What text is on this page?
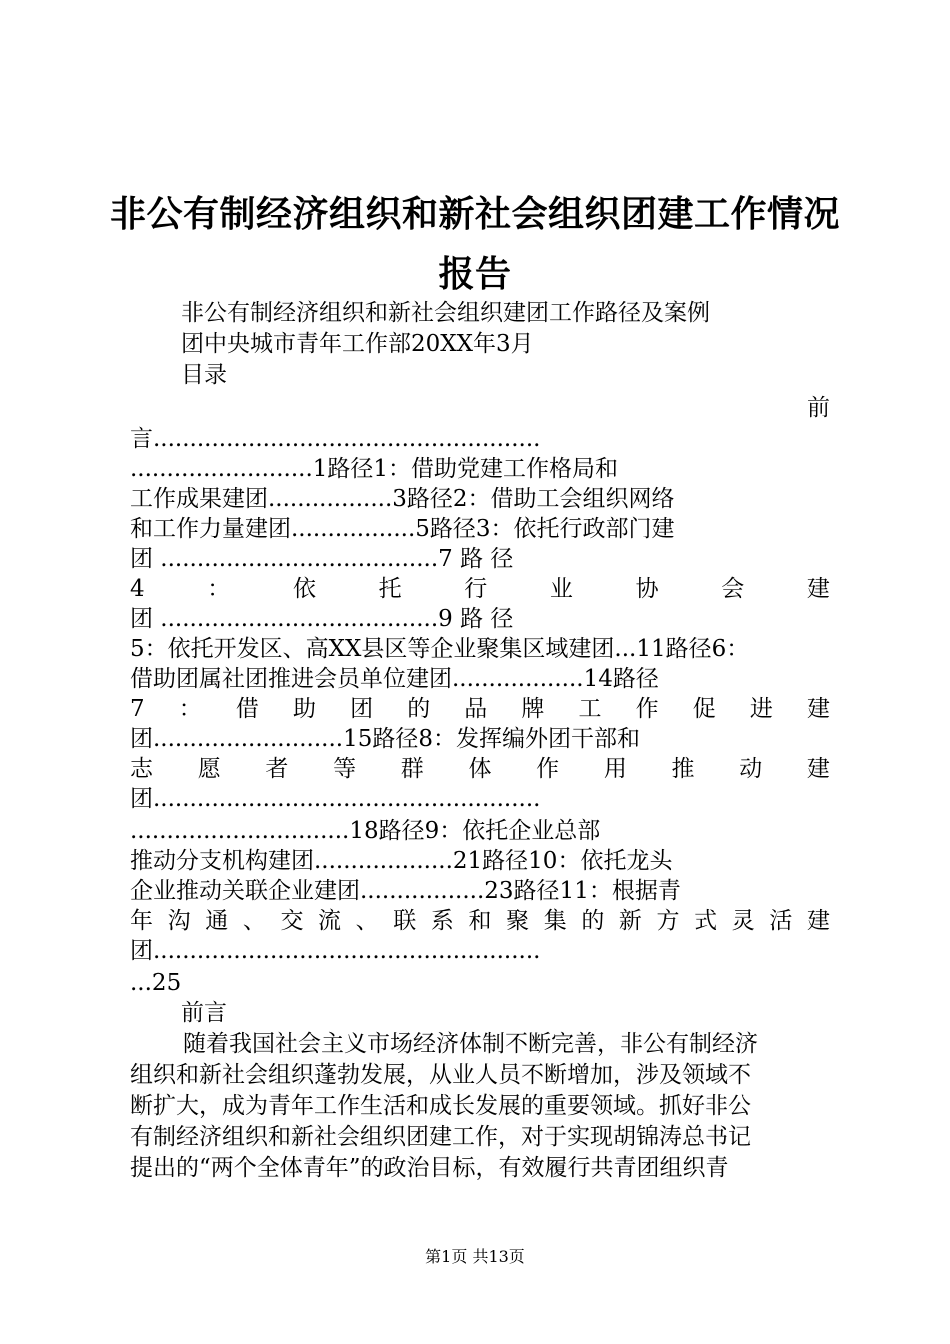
非公有制经济组织和新社会组织团建工作情况
报告
非公有制经济组织和新社会组织建团工作路径及案例
团中央城市青年工作部20XX年3月
目录
前
言.....................................................
.........................1路径1：借助党建工作格局和
工作成果建团.................3路径2：借助工会组织网络
和工作力量建团.................5路径3：依托行政部门建
团 ......................................7 路 径
4	：	依	托	行	业	协	会	建
团 ......................................9 路 径
5：依托开发区、高XX县区等企业聚集区域建团...11路径6：
借助团属社团推进会员单位建团..................14路径
7 ： 借 助 团 的 品 牌 工 作 促 进 建
团..........................15路径8：发挥编外团干部和
志 愿 者 等 群 体 作 用 推 动 建
团.....................................................
..............................18路径9：依托企业总部
推动分支机构建团...................21路径10：依托龙头
企业推动关联企业建团.................23路径11：根据青
年 沟 通 、 交 流 、 联 系 和 聚 集 的 新 方 式 灵 活 建
团.....................................................
...25
前言
随着我国社会主义市场经济体制不断完善，非公有制经济
组织和新社会组织蓬勃发展，从业人员不断增加，涉及领域不
断扩大，成为青年工作生活和成长发展的重要领域。抓好非公
有制经济组织和新社会组织团建工作，对于实现胡锦涛总书记
提出的“两个全体青年”的政治目标，有效履行共青团组织青
第1页 共13页
